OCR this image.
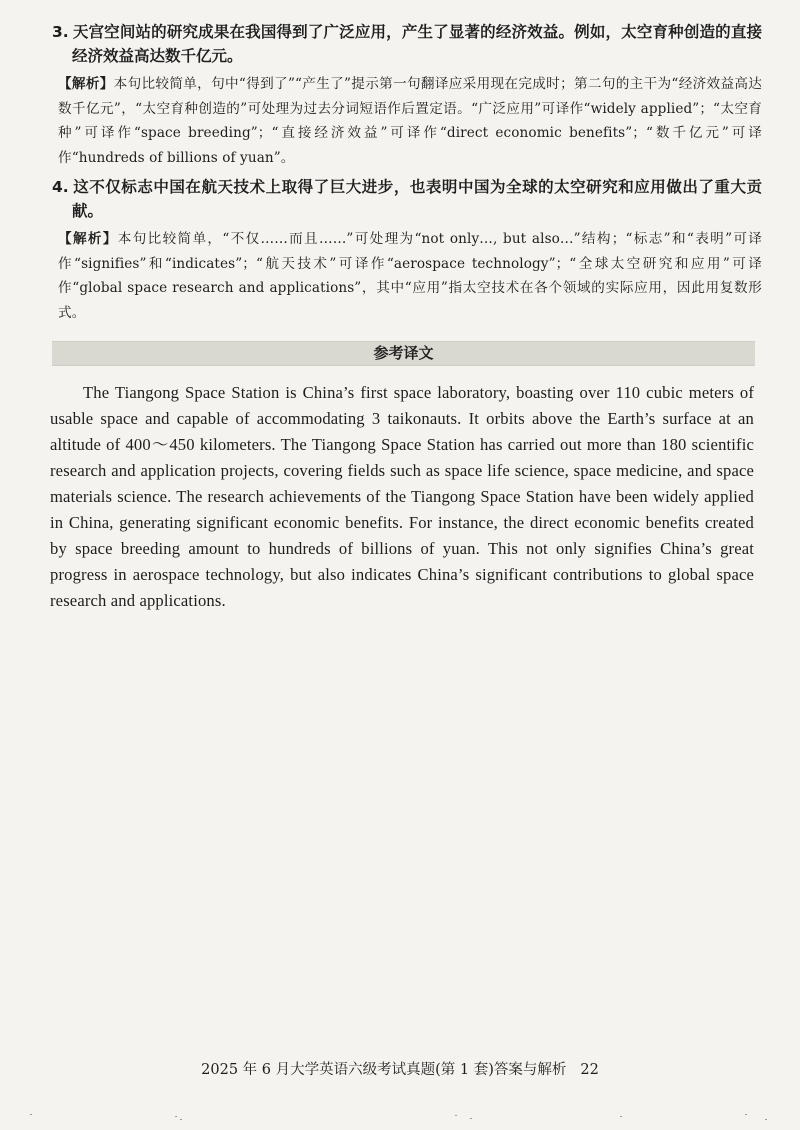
3. 天宫空间站的研究成果在我国得到了广泛应用，产生了显著的经济效益。例如，太空育种创造的直接经济效益高达数千亿元。

【解析】本句比较简单，句中“得到了”“产生了”提示第一句翻译应采用现在完成时；第二句的主干为“经济效益高达数千亿元”，“太空育种创造的”可处理为过去分词短语作后置定语。“广泛应用”可译作“widely applied”；“太空育种”可译作“space breeding”；“直接经济效益”可译作“direct economic benefits”；“数千亿元”可译作“hundreds of billions of yuan”。

4. 这不仅标志中国在航天技术上取得了巨大进步，也表明中国为全球的太空研究和应用做出了重大贡献。

【解析】本句比较简单，“不仅……而且……”可处理为“not only…, but also…”结构；“标志”和“表明”可译作“signifies”和“indicates”；“航天技术”可译作“aerospace technology”；“全球太空研究和应用”可译作“global space research and applications”，其中“应用”指太空技术在各个领域的实际应用，因此用复数形式。

参考译文

The Tiangong Space Station is China’s first space laboratory, boasting over 110 cubic meters of usable space and capable of accommodating 3 taikonauts. It orbits above the Earth’s surface at an altitude of 400～450 kilometers. The Tiangong Space Station has carried out more than 180 scientific research and application projects, covering fields such as space life science, space medicine, and space materials science. The research achievements of the Tiangong Space Station have been widely applied in China, generating significant economic benefits. For instance, the direct economic benefits created by space breeding amount to hundreds of billions of yuan. This not only signifies China’s great progress in aerospace technology, but also indicates China’s significant contributions to global space research and applications.

2025 年 6 月大学英语六级考试真题(第 1 套)答案与解析 22
